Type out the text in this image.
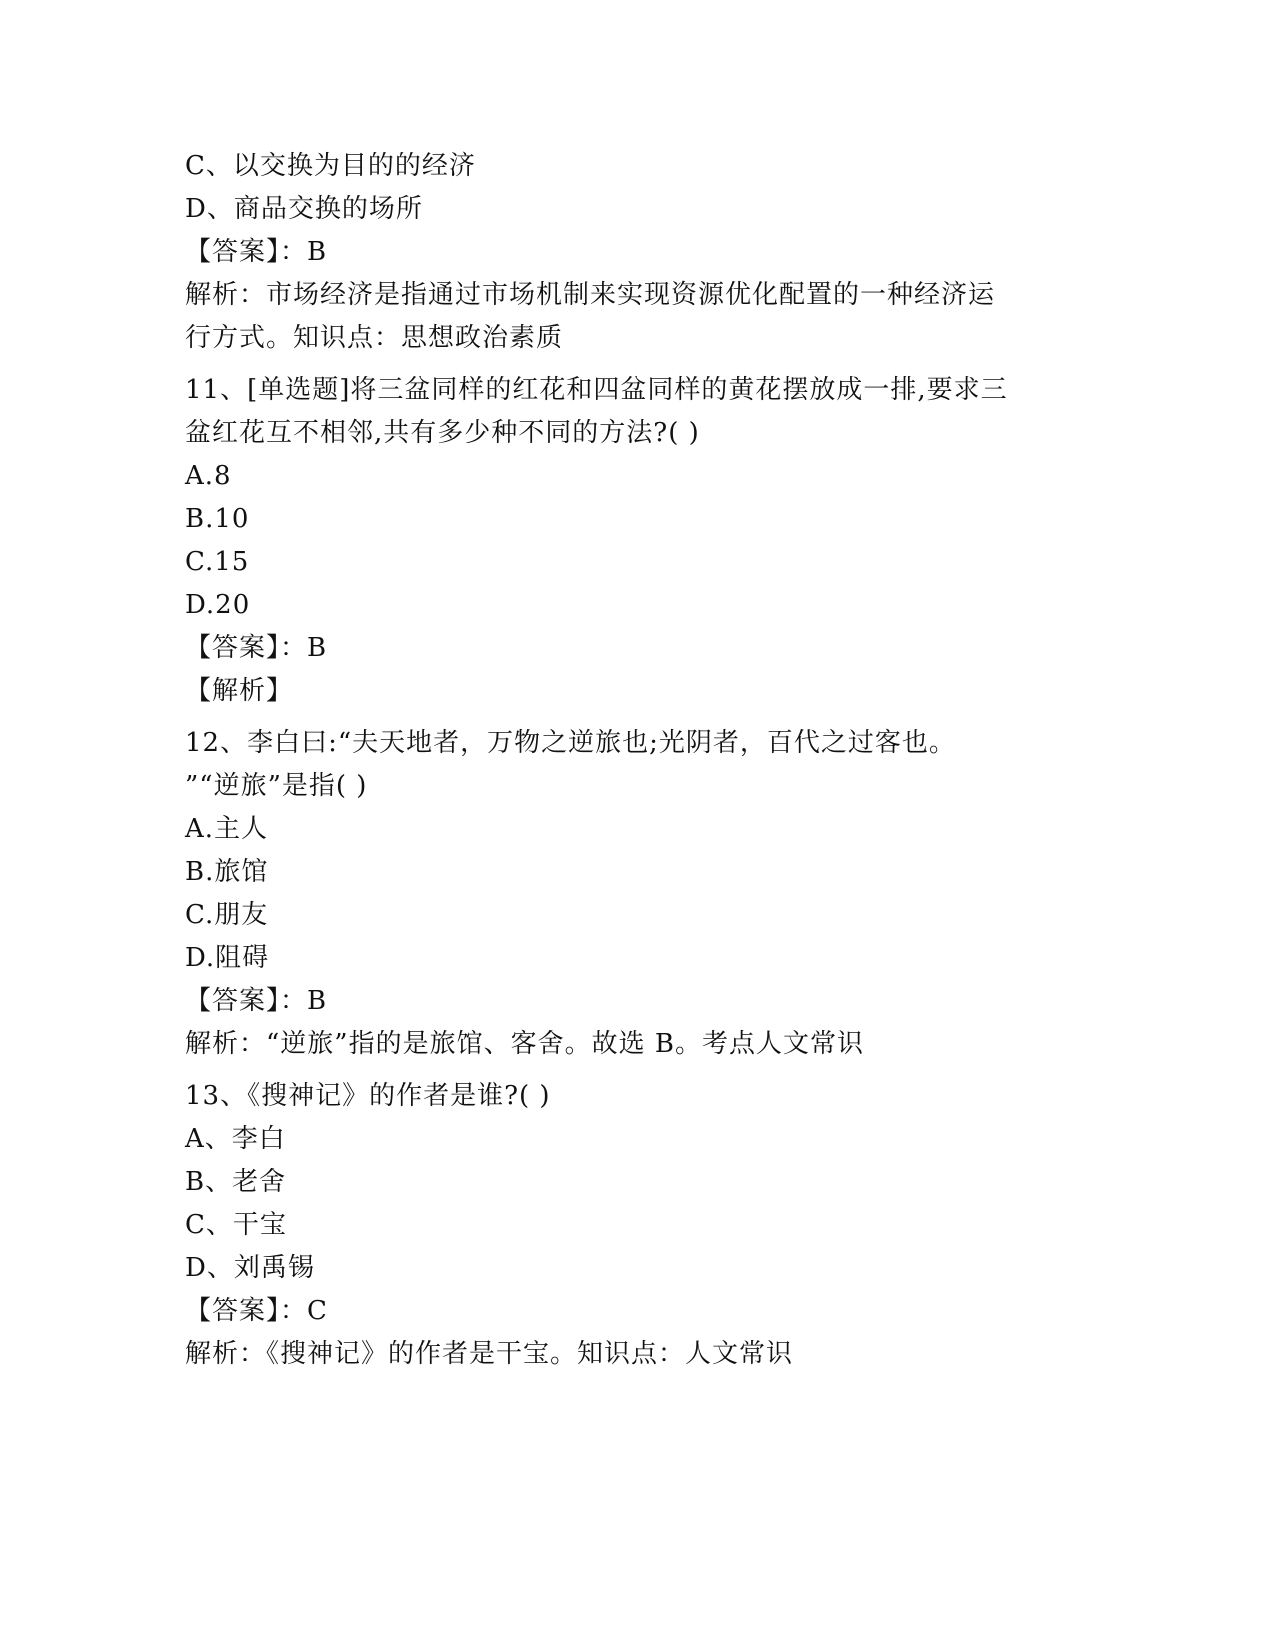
C、以交换为目的的经济

D、商品交换的场所

【答案】：B

解析：市场经济是指通过市场机制来实现资源优化配置的一种经济运

行方式。知识点：思想政治素质

11、[单选题]将三盆同样的红花和四盆同样的黄花摆放成一排,要求三

盆红花互不相邻,共有多少种不同的方法?( )

A.8

B.10

C.15

D.20

【答案】：B

【解析】

12、李白曰:“夫天地者，万物之逆旅也;光阴者，百代之过客也。

”“逆旅”是指( )

A.主人

B.旅馆

C.朋友

D.阻碍

【答案】：B

解析：“逆旅”指的是旅馆、客舍。故选 B。考点人文常识

13、《搜神记》的作者是谁?( )

A、李白

B、老舍

C、干宝

D、刘禹锡

【答案】：C

解析：《搜神记》的作者是干宝。知识点：人文常识
